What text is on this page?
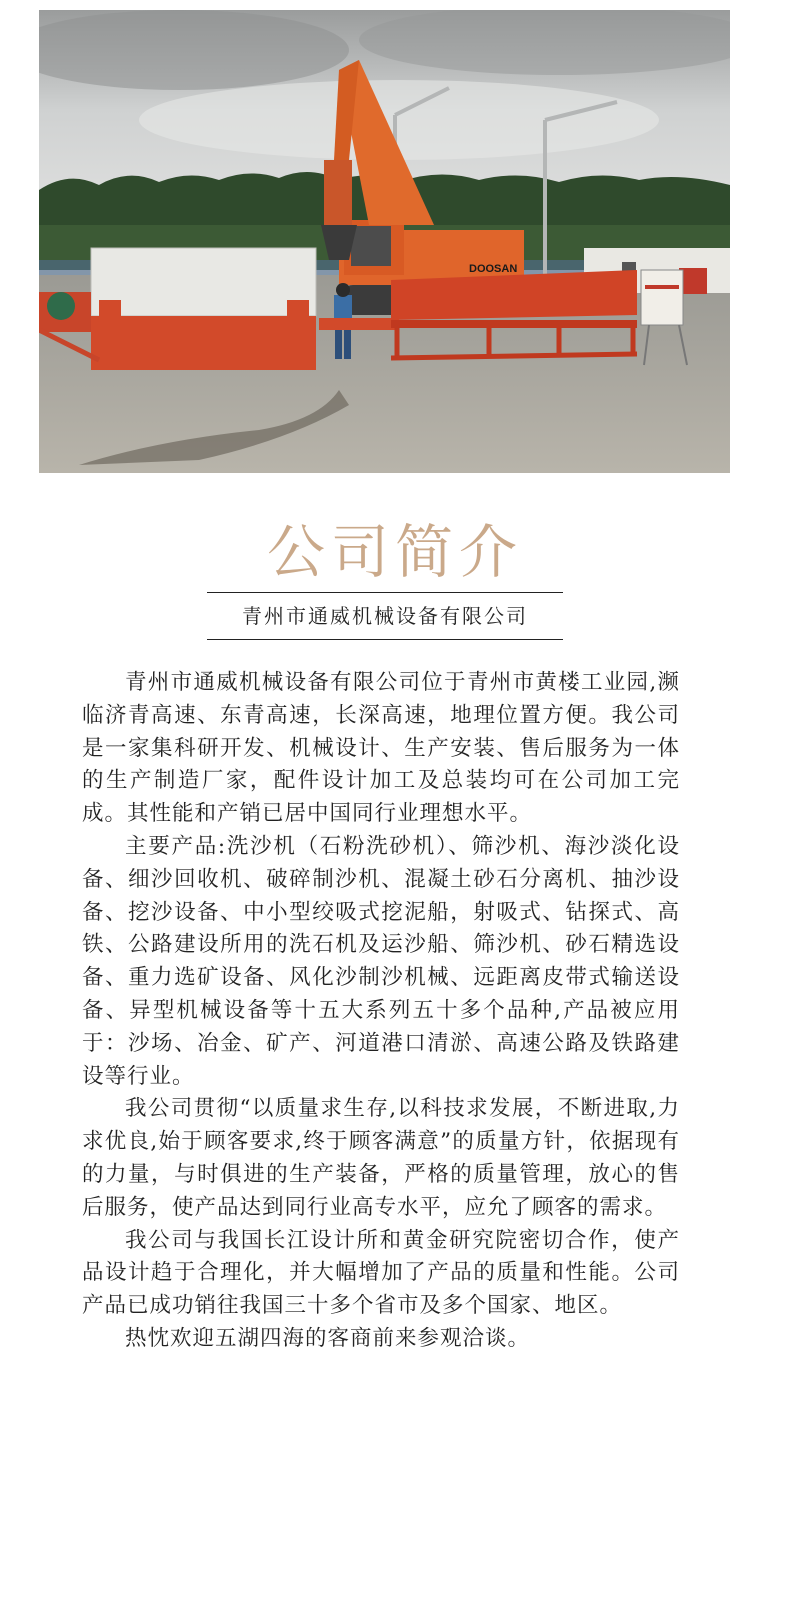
DOOSAN
公司简介
青州市通威机械设备有限公司

青州市通威机械设备有限公司位于青州市黄楼工业园,濒临济青高速、东青高速，长深高速，地理位置方便。我公司是一家集科研开发、机械设计、生产安装、售后服务为一体的生产制造厂家，配件设计加工及总装均可在公司加工完成。其性能和产销已居中国同行业理想水平。

主要产品:洗沙机（石粉洗砂机）、筛沙机、海沙淡化设备、细沙回收机、破碎制沙机、混凝土砂石分离机、抽沙设备、挖沙设备、中小型绞吸式挖泥船，射吸式、钻探式、高铁、公路建设所用的洗石机及运沙船、筛沙机、砂石精选设备、重力选矿设备、风化沙制沙机械、远距离皮带式输送设备、异型机械设备等十五大系列五十多个品种,产品被应用于：沙场、冶金、矿产、河道港口清淤、高速公路及铁路建设等行业。

我公司贯彻“以质量求生存,以科技求发展，不断进取,力求优良,始于顾客要求,终于顾客满意”的质量方针，依据现有的力量，与时俱进的生产装备，严格的质量管理，放心的售后服务，使产品达到同行业高专水平，应允了顾客的需求。

我公司与我国长江设计所和黄金研究院密切合作，使产品设计趋于合理化，并大幅增加了产品的质量和性能。公司产品已成功销往我国三十多个省市及多个国家、地区。

热忱欢迎五湖四海的客商前来参观洽谈。
